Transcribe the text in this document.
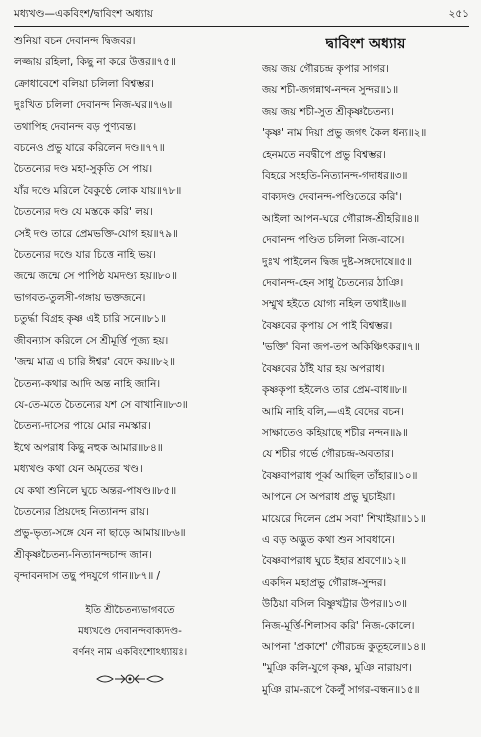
মধ্যখণ্ড—একবিংশ/দ্বাবিংশ অধ্যায়	২৫১
শুনিয়া বচন দেবানন্দ দ্বিজবর।
লজ্জায় রহিলা, কিছু না করে উত্তর॥৭৫॥
ক্রোধাবেশে বলিয়া চলিলা বিশ্বম্ভর।
দুঃখিত চলিলা দেবানন্দ নিজ-ঘর॥৭৬॥
তথাপিহ দেবানন্দ বড় পুণ্যবন্ত।
বচনেও প্রভু যারে করিলেন দণ্ড॥৭৭॥
চৈতন্যের দণ্ড মহা-সুকৃতি সে পায়।
যাঁর দণ্ডে মরিলে বৈকুণ্ঠে লোক যায়॥৭৮॥
চৈতন্যের দণ্ড যে মস্তকে করি' লয়।
সেই দণ্ড তারে প্রেমভক্তি-যোগ হয়॥৭৯॥
চৈতন্যের দণ্ডে যার চিত্তে নাহি ভয়।
জন্মে জন্মে সে পাপিষ্ঠ যমদণ্ড্য হয়॥৮০॥
ভাগবত-তুলসী-গঙ্গায় ভক্তজনে।
চতুর্দ্ধা বিগ্রহ কৃষ্ণ এই চারি সনে॥৮১॥
জীবন্যাস করিলে সে শ্রীমূর্ত্তি পূজ্য হয়।
'জন্ম মাত্র এ চারি ঈশ্বর' বেদে কয়॥৮২॥
চৈতন্য-কথার আদি অন্ত নাহি জানি।
যে-তে-মতে চৈতন্যের যশ সে বাখানি॥৮৩॥
চৈতন্য-দাসের পায়ে মোর নমস্কার।
ইথে অপরাধ কিছু নহুক আমার॥৮৪॥
মধ্যখণ্ড কথা যেন অমৃতের খণ্ড।
যে কথা শুনিলে ঘুচে অন্তর-পাষণ্ড॥৮৫॥
চৈতন্যের প্রিয়দেহ নিত্যানন্দ রায়।
প্রভু-ভৃত্য-সঙ্গে যেন না ছাড়ে আমায়॥৮৬॥
শ্রীকৃষ্ণচৈতন্য-নিত্যানন্দচান্দ জান।
বৃন্দাবনদাস তছু পদযুগে গান॥৮৭॥ /
ইতি শ্রীচৈতন্যভাগবতে
মধ্যখণ্ডে দেবানন্দবাক্যদণ্ড-
বর্ণনং নাম একবিংশোঽধ্যায়ঃ।
দ্বাবিংশ অধ্যায়
জয় জয় গৌরচন্দ্র কৃপার সাগর।
জয় শচী-জগন্নাথ-নন্দন সুন্দর॥১॥
জয় জয় শচী-সুত শ্রীকৃষ্ণচৈতন্য।
'কৃষ্ণ' নাম দিয়া প্রভু জগৎ কৈল ধন্য॥২॥
হেনমতে নবদ্বীপে প্রভু বিশ্বম্ভর।
বিহরে সংহতি-নিত্যানন্দ-গদাধর॥৩॥
বাক্যদণ্ড দেবানন্দ-পণ্ডিতেরে করি'।
আইলা আপন-ঘরে গৌরাঙ্গ-শ্রীহরি॥৪॥
দেবানন্দ পণ্ডিত চলিলা নিজ-বাসে।
দুঃখ পাইলেন দ্বিজ দুষ্ট-সঙ্গদোষে॥৫॥
দেবানন্দ-হেন সাধু চৈতন্যের ঠাঞি।
সম্মুখ হইতে যোগ্য নহিল তথাই॥৬॥
বৈষ্ণবের কৃপায় সে পাই বিশ্বম্ভর।
'ভক্তি' বিনা জপ-তপ অকিঞ্চিৎকর॥৭॥
বৈষ্ণবের ঠাঁই যার হয় অপরাধ।
কৃষ্ণকৃপা হইলেও তার প্রেম-বাধ॥৮॥
আমি নাহি বলি,—এই বেদের বচন।
সাক্ষাতেও কহিয়াছে শচীর নন্দন॥৯॥
যে শচীর গর্ভে গৌরচন্দ্র-অবতার।
বৈষ্ণবাপরাধ পূর্ব্ব আছিল তাঁহার॥১০॥
আপনে সে অপরাধ প্রভু ঘুচাইয়া।
মায়েরে দিলেন প্রেম সবা' শিখাইয়া॥১১॥
এ বড় অদ্ভুত কথা শুন সাবধানে।
বৈষ্ণবাপরাধ ঘুচে ইহার শ্রবণে॥১২॥
একদিন মহাপ্রভু গৌরাঙ্গ-সুন্দর।
উঠিয়া বসিল বিষ্ণুখট্টার উপর॥১৩॥
নিজ-মূর্ত্তি-শিলাসব করি' নিজ-কোলে।
আপনা 'প্রকাশে' গৌরচন্দ্র কুতূহলে॥১৪॥
"মুঞি কলি-যুগে কৃষ্ণ, মুঞি নারায়ণ।
মুঞি রাম-রূপে কৈলুঁ সাগর-বন্ধন॥১৫॥
